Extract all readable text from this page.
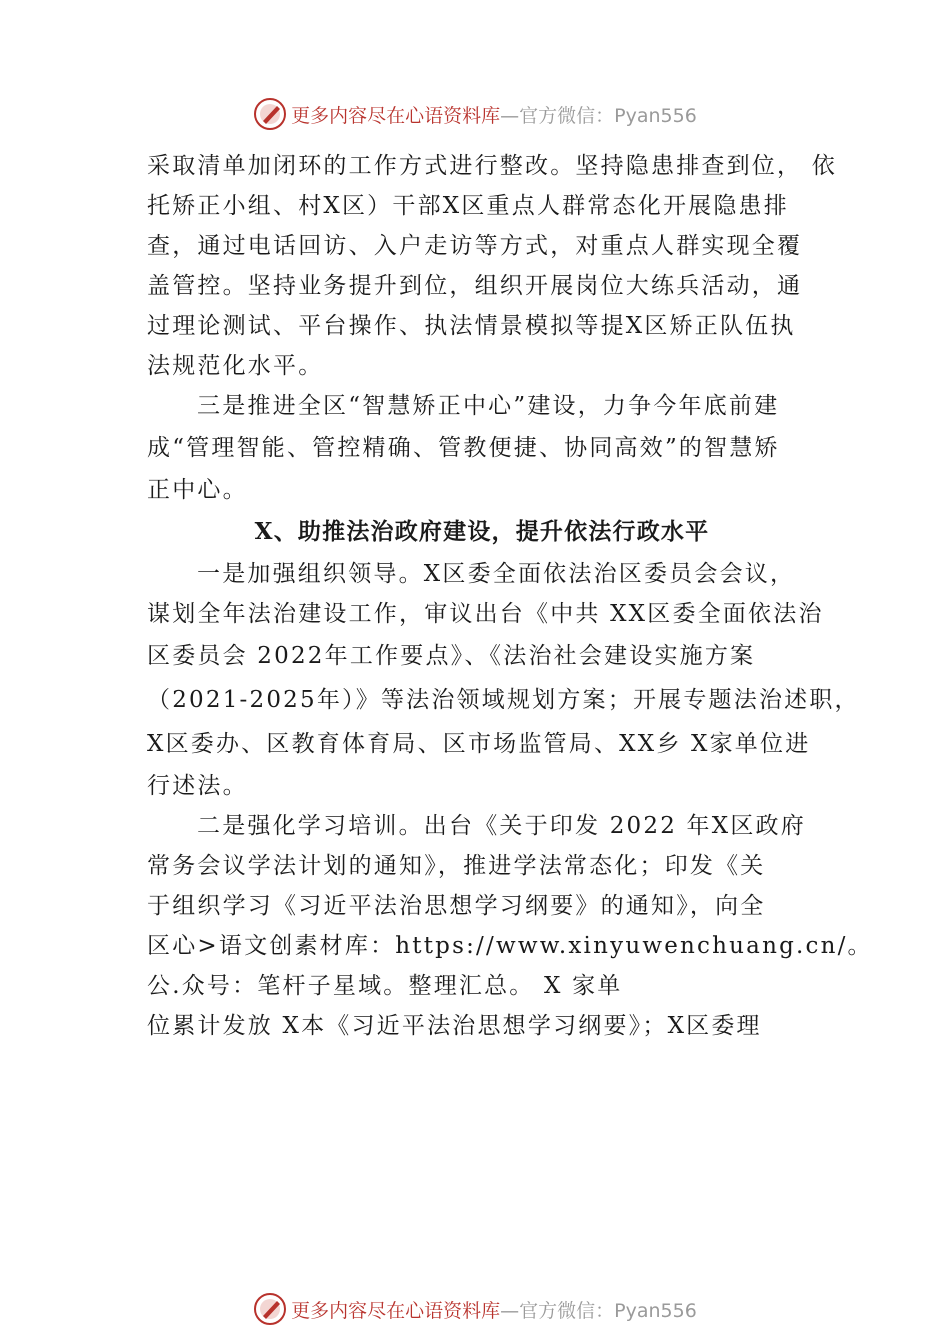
更多内容尽在心语资料库 —官方微信：Pyan556
采取清单加闭环的工作方式进行整改。坚持隐患排查到位， 依
托矫正小组、村X区）干部X区重点人群常态化开展隐患排
查，通过电话回访、入户走访等方式，对重点人群实现全覆
盖管控。坚持业务提升到位，组织开展岗位大练兵活动，通
过理论测试、平台操作、执法情景模拟等提X区矫正队伍执
法规范化水平。
三是推进全区“智慧矫正中心”建设，力争今年底前建
成“管理智能、管控精确、管教便捷、协同高效”的智慧矫
正中心。
X、助推法治政府建设，提升依法行政水平
一是加强组织领导。X区委全面依法治区委员会会议，
谋划全年法治建设工作，审议出台《中共 XX区委全面依法治
区委员会 2022年工作要点》、《法治社会建设实施方案
（2021-2025年）》等法治领域规划方案；开展专题法治述职，
X区委办、区教育体育局、区市场监管局、XX乡 X家单位进
行述法。
二是强化学习培训。出台《关于印发 2022 年X区政府
常务会议学法计划的通知》，推进学法常态化；印发《关
于组织学习《习近平法治思想学习纲要》的通知》，向全
区心>语文创素材库：https://www.xinyuwenchuang.cn/。
公.众号：笔杆子星域。整理汇总。 X 家单
位累计发放 X本《习近平法治思想学习纲要》；X区委理
更多内容尽在心语资料库 —官方微信：Pyan556
